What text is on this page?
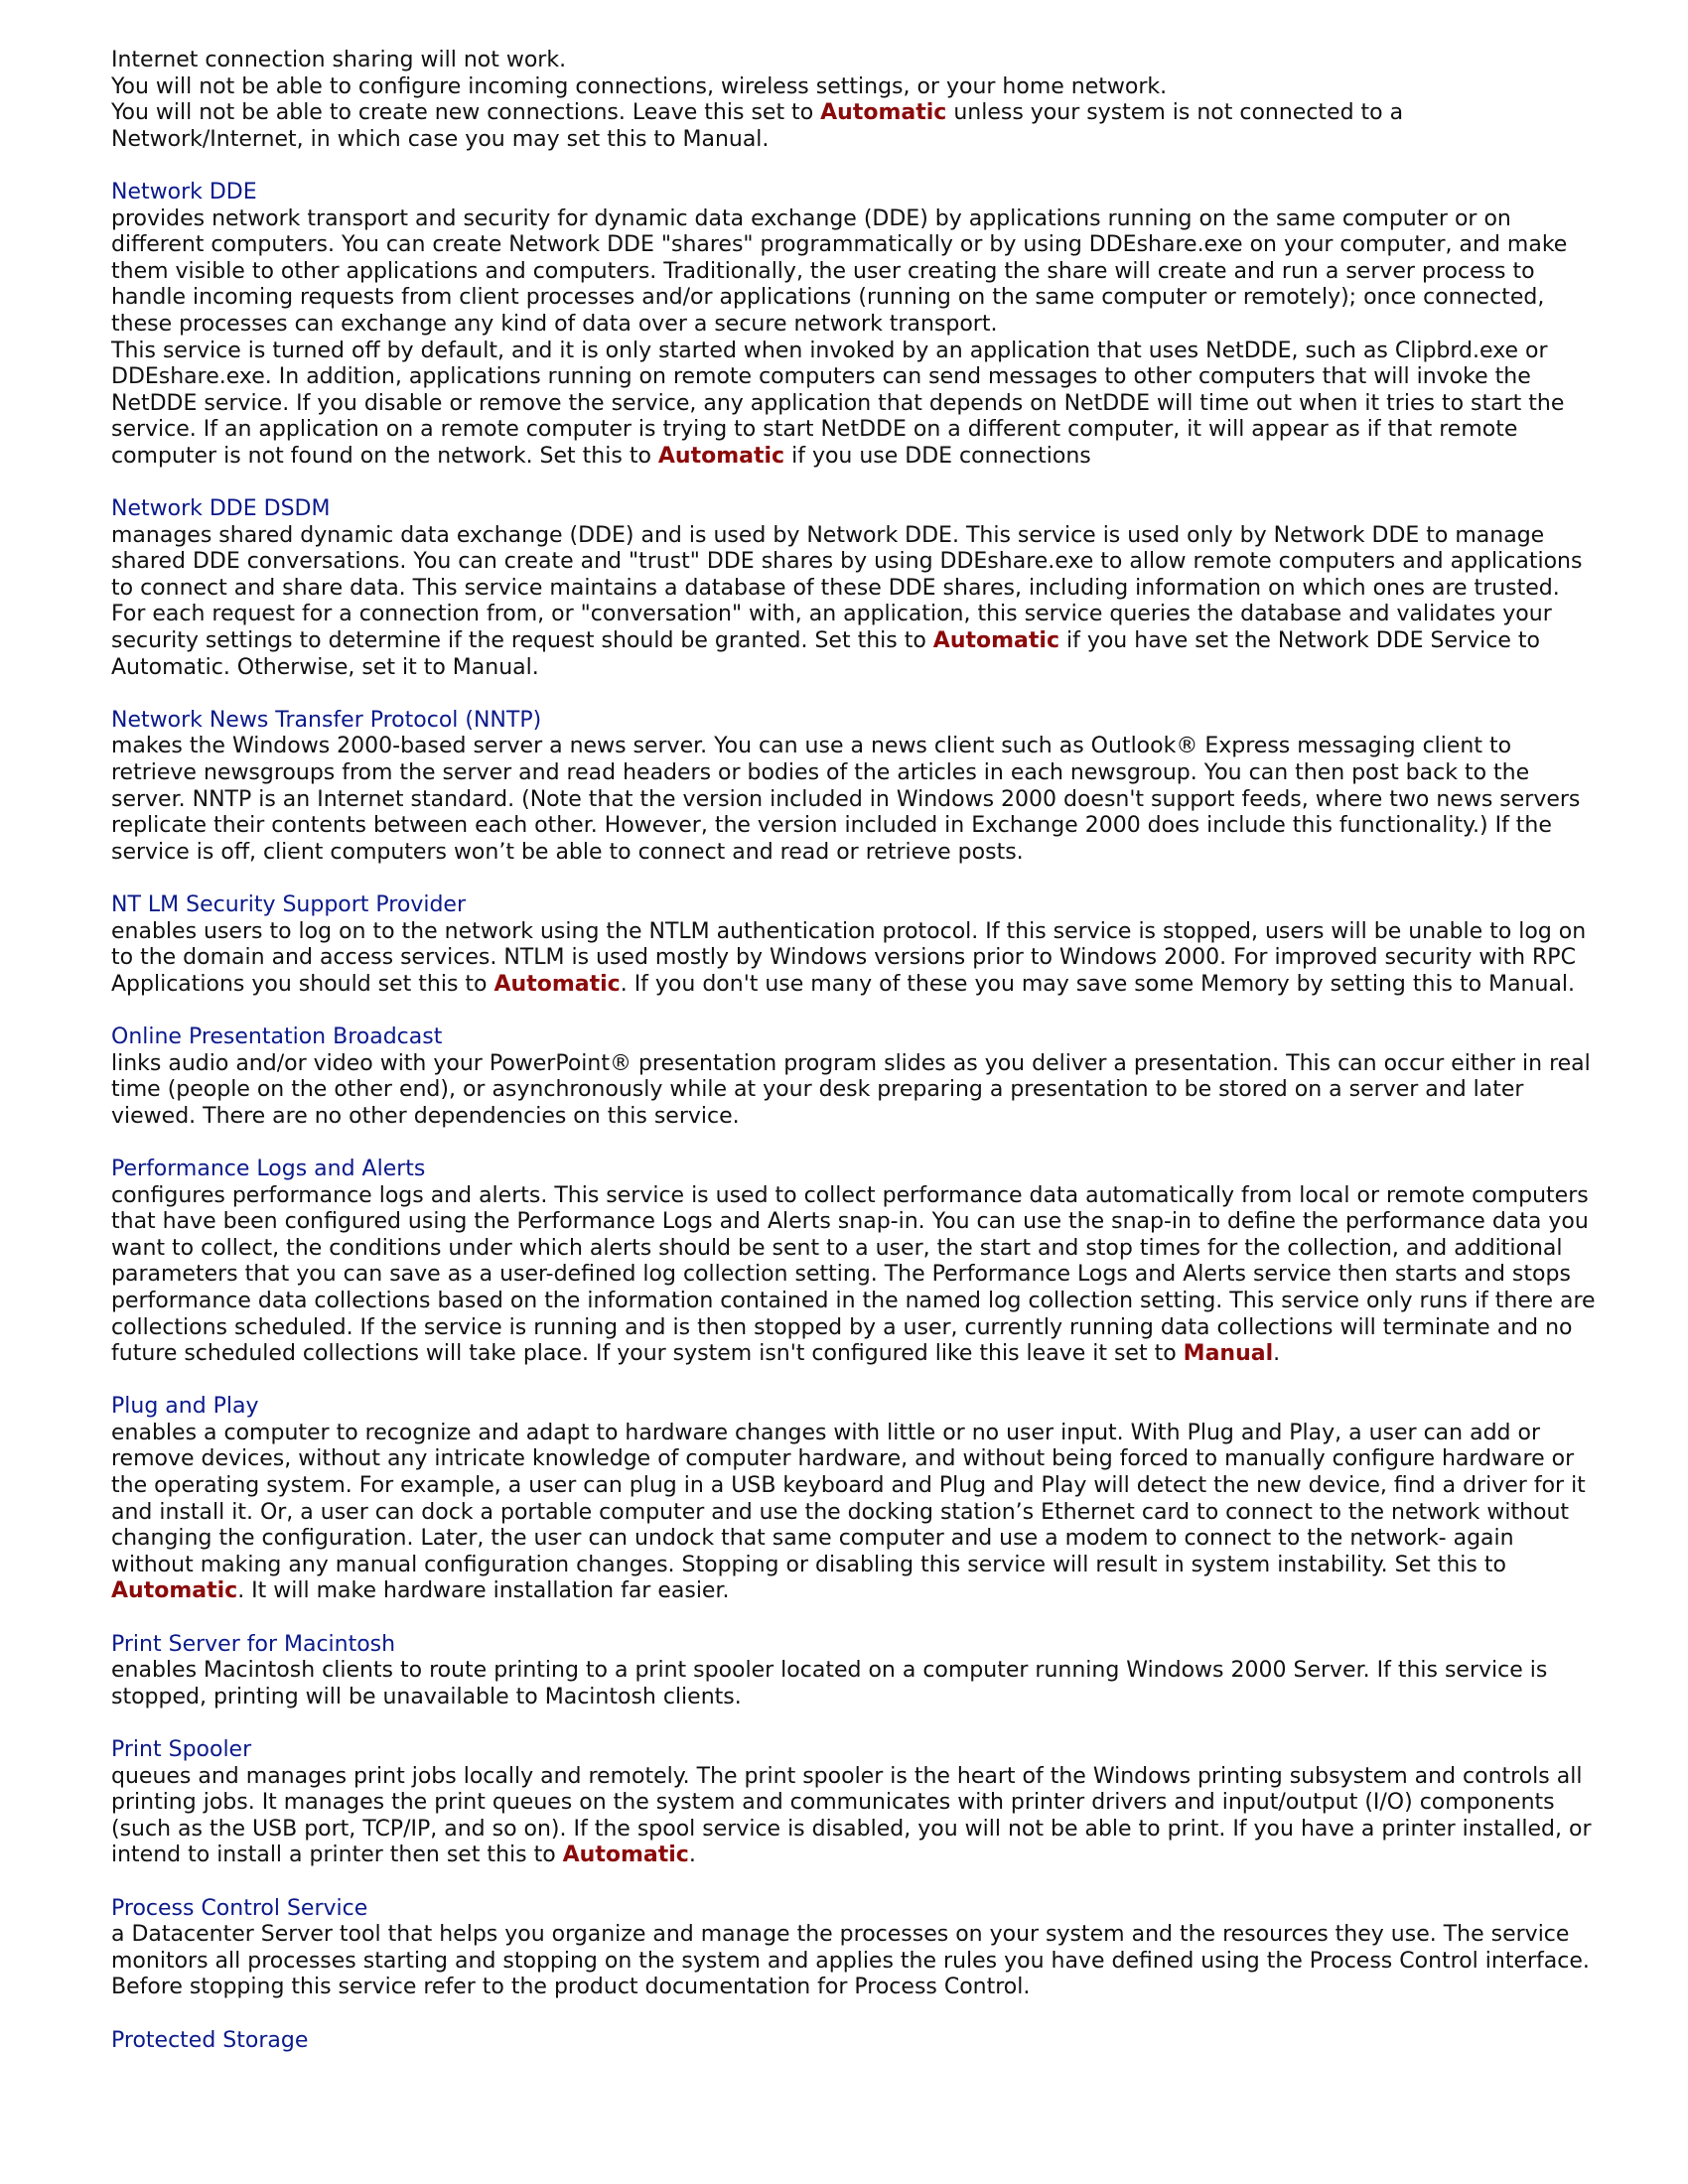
Internet connection sharing will not work.

You will not be able to configure incoming connections, wireless settings, or your home network.

You will not be able to create new connections. Leave this set to Automatic unless your system is not connected to a Network/Internet, in which case you may set this to Manual.

Network DDE

provides network transport and security for dynamic data exchange (DDE) by applications running on the same computer or on different computers. You can create Network DDE "shares" programmatically or by using DDEshare.exe on your computer, and make them visible to other applications and computers. Traditionally, the user creating the share will create and run a server process to handle incoming requests from client processes and/or applications (running on the same computer or remotely); once connected, these processes can exchange any kind of data over a secure network transport.

This service is turned off by default, and it is only started when invoked by an application that uses NetDDE, such as Clipbrd.exe or DDEshare.exe. In addition, applications running on remote computers can send messages to other computers that will invoke the NetDDE service. If you disable or remove the service, any application that depends on NetDDE will time out when it tries to start the service. If an application on a remote computer is trying to start NetDDE on a different computer, it will appear as if that remote computer is not found on the network. Set this to Automatic if you use DDE connections

Network DDE DSDM

manages shared dynamic data exchange (DDE) and is used by Network DDE. This service is used only by Network DDE to manage shared DDE conversations. You can create and "trust" DDE shares by using DDEshare.exe to allow remote computers and applications to connect and share data. This service maintains a database of these DDE shares, including information on which ones are trusted. For each request for a connection from, or "conversation" with, an application, this service queries the database and validates your security settings to determine if the request should be granted. Set this to Automatic if you have set the Network DDE Service to Automatic. Otherwise, set it to Manual.

Network News Transfer Protocol (NNTP)

makes the Windows 2000-based server a news server. You can use a news client such as Outlook® Express messaging client to retrieve newsgroups from the server and read headers or bodies of the articles in each newsgroup. You can then post back to the server. NNTP is an Internet standard. (Note that the version included in Windows 2000 doesn't support feeds, where two news servers replicate their contents between each other. However, the version included in Exchange 2000 does include this functionality.) If the service is off, client computers won’t be able to connect and read or retrieve posts.

NT LM Security Support Provider

enables users to log on to the network using the NTLM authentication protocol. If this service is stopped, users will be unable to log on to the domain and access services. NTLM is used mostly by Windows versions prior to Windows 2000. For improved security with RPC Applications you should set this to Automatic. If you don't use many of these you may save some Memory by setting this to Manual.

Online Presentation Broadcast

links audio and/or video with your PowerPoint® presentation program slides as you deliver a presentation. This can occur either in real time (people on the other end), or asynchronously while at your desk preparing a presentation to be stored on a server and later viewed. There are no other dependencies on this service.

Performance Logs and Alerts

configures performance logs and alerts. This service is used to collect performance data automatically from local or remote computers that have been configured using the Performance Logs and Alerts snap-in. You can use the snap-in to define the performance data you want to collect, the conditions under which alerts should be sent to a user, the start and stop times for the collection, and additional parameters that you can save as a user-defined log collection setting. The Performance Logs and Alerts service then starts and stops performance data collections based on the information contained in the named log collection setting. This service only runs if there are collections scheduled. If the service is running and is then stopped by a user, currently running data collections will terminate and no future scheduled collections will take place. If your system isn't configured like this leave it set to Manual.

Plug and Play

enables a computer to recognize and adapt to hardware changes with little or no user input. With Plug and Play, a user can add or remove devices, without any intricate knowledge of computer hardware, and without being forced to manually configure hardware or the operating system. For example, a user can plug in a USB keyboard and Plug and Play will detect the new device, find a driver for it and install it. Or, a user can dock a portable computer and use the docking station’s Ethernet card to connect to the network without changing the configuration. Later, the user can undock that same computer and use a modem to connect to the network- again without making any manual configuration changes. Stopping or disabling this service will result in system instability. Set this to Automatic. It will make hardware installation far easier.

Print Server for Macintosh

enables Macintosh clients to route printing to a print spooler located on a computer running Windows 2000 Server. If this service is stopped, printing will be unavailable to Macintosh clients.

Print Spooler

queues and manages print jobs locally and remotely. The print spooler is the heart of the Windows printing subsystem and controls all printing jobs. It manages the print queues on the system and communicates with printer drivers and input/output (I/O) components (such as the USB port, TCP/IP, and so on). If the spool service is disabled, you will not be able to print. If you have a printer installed, or intend to install a printer then set this to Automatic.

Process Control Service

a Datacenter Server tool that helps you organize and manage the processes on your system and the resources they use. The service monitors all processes starting and stopping on the system and applies the rules you have defined using the Process Control interface. Before stopping this service refer to the product documentation for Process Control.

Protected Storage
